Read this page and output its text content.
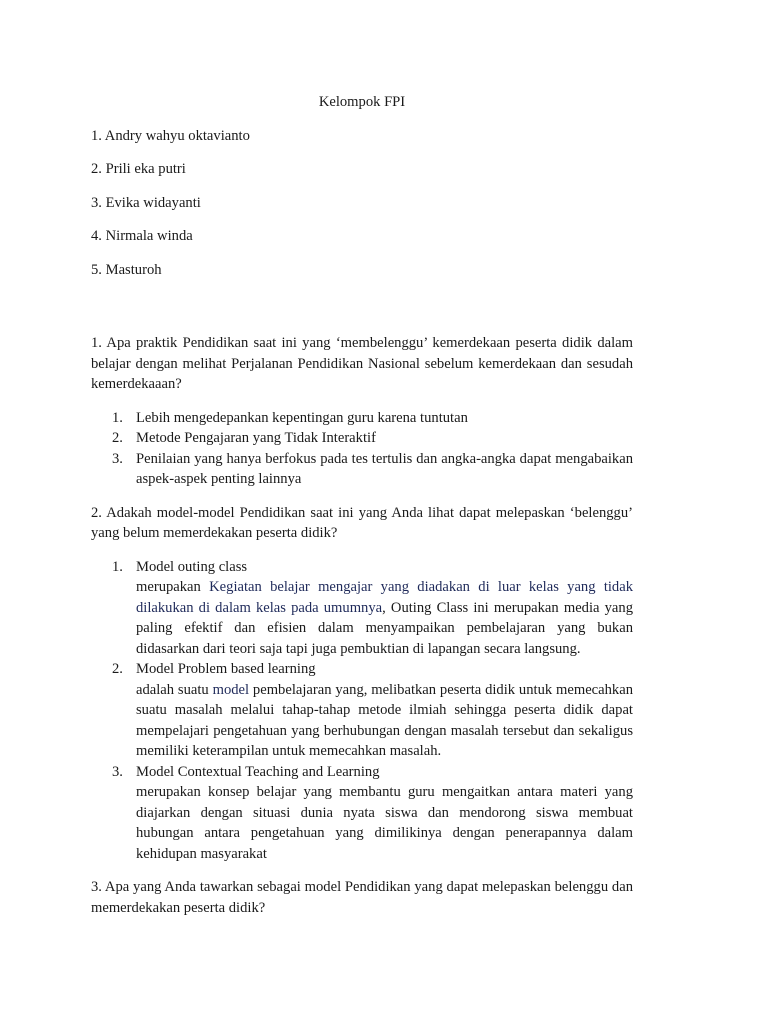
Kelompok FPI

1. Andry wahyu oktavianto

2. Prili eka putri

3. Evika widayanti

4. Nirmala winda

5. Masturoh

1. Apa praktik Pendidikan saat ini yang ‘membelenggu’ kemerdekaan peserta didik dalam belajar dengan melihat Perjalanan Pendidikan Nasional sebelum kemerdekaan dan sesudah kemerdekaaan?

1. Lebih mengedepankan kepentingan guru karena tuntutan
2. Metode Pengajaran yang Tidak Interaktif
3. Penilaian yang hanya berfokus pada tes tertulis dan angka-angka dapat mengabaikan aspek-aspek penting lainnya

2. Adakah model-model Pendidikan saat ini yang Anda lihat dapat melepaskan ‘belenggu’ yang belum memerdekakan peserta didik?

1. Model outing class
merupakan Kegiatan belajar mengajar yang diadakan di luar kelas yang tidak dilakukan di dalam kelas pada umumnya, Outing Class ini merupakan media yang paling efektif dan efisien dalam menyampaikan pembelajaran yang bukan didasarkan dari teori saja tapi juga pembuktian di lapangan secara langsung.
2. Model Problem based learning
adalah suatu model pembelajaran yang, melibatkan peserta didik untuk memecahkan suatu masalah melalui tahap-tahap metode ilmiah sehingga peserta didik dapat mempelajari pengetahuan yang berhubungan dengan masalah tersebut dan sekaligus memiliki keterampilan untuk memecahkan masalah.
3. Model Contextual Teaching and Learning
merupakan konsep belajar yang membantu guru mengaitkan antara materi yang diajarkan dengan situasi dunia nyata siswa dan mendorong siswa membuat hubungan antara pengetahuan yang dimilikinya dengan penerapannya dalam kehidupan masyarakat

3. Apa yang Anda tawarkan sebagai model Pendidikan yang dapat melepaskan belenggu dan memerdekakan peserta didik?
